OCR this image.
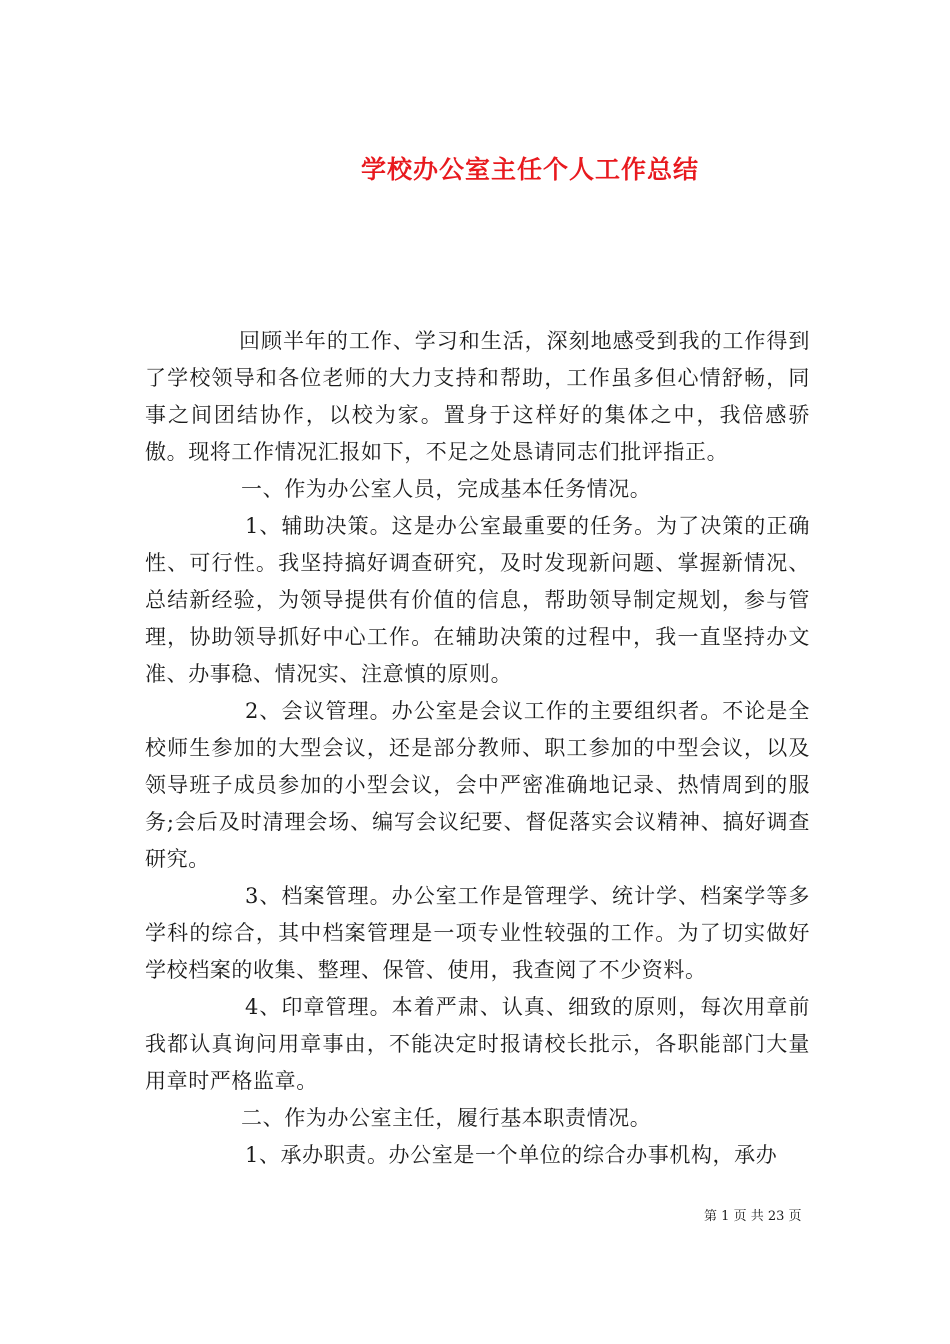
学校办公室主任个人工作总结

回顾半年的工作、学习和生活，深刻地感受到我的工作得到了学校领导和各位老师的大力支持和帮助，工作虽多但心情舒畅，同事之间团结协作，以校为家。置身于这样好的集体之中，我倍感骄傲。现将工作情况汇报如下，不足之处恳请同志们批评指正。

一、作为办公室人员，完成基本任务情况。

1、辅助决策。这是办公室最重要的任务。为了决策的正确性、可行性。我坚持搞好调查研究，及时发现新问题、掌握新情况、总结新经验，为领导提供有价值的信息，帮助领导制定规划，参与管理，协助领导抓好中心工作。在辅助决策的过程中，我一直坚持办文准、办事稳、情况实、注意慎的原则。

2、会议管理。办公室是会议工作的主要组织者。不论是全校师生参加的大型会议，还是部分教师、职工参加的中型会议，以及领导班子成员参加的小型会议，会中严密准确地记录、热情周到的服务;会后及时清理会场、编写会议纪要、督促落实会议精神、搞好调查研究。

3、档案管理。办公室工作是管理学、统计学、档案学等多学科的综合，其中档案管理是一项专业性较强的工作。为了切实做好学校档案的收集、整理、保管、使用，我查阅了不少资料。

4、印章管理。本着严肃、认真、细致的原则，每次用章前我都认真询问用章事由，不能决定时报请校长批示，各职能部门大量用章时严格监章。

二、作为办公室主任，履行基本职责情况。

1、承办职责。办公室是一个单位的综合办事机构，承办

第 1 页 共 23 页
